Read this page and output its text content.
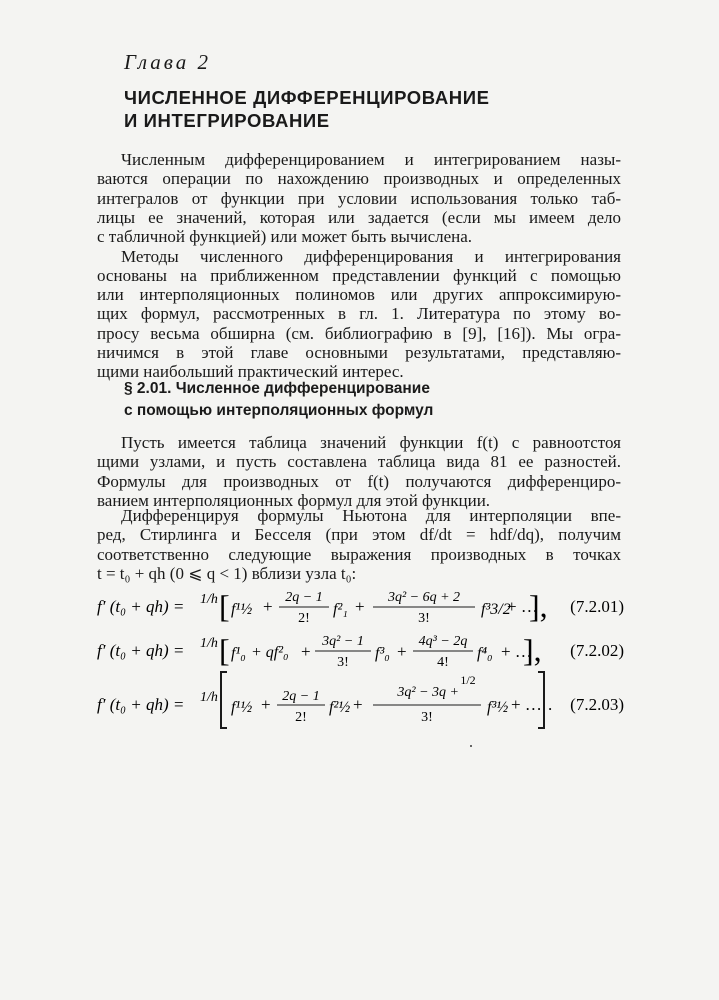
Глава 2
ЧИСЛЕННОЕ ДИФФЕРЕНЦИРОВАНИЕ
И ИНТЕГРИРОВАНИЕ
Численным дифференцированием и интегрированием назы-
ваются операции по нахождению производных и определенных
интегралов от функции при условии использования только таб-
лицы ее значений, которая или задается (если мы имеем дело
с табличной функцией) или может быть вычислена.
Методы численного дифференцирования и интегрирования
основаны на приближенном представлении функций с помощью
или интерполяционных полиномов или других аппроксимирую-
щих формул, рассмотренных в гл. 1. Литература по этому во-
просу весьма обширна (см. библиографию в [9], [16]). Мы огра-
ничимся в этой главе основными результатами, представляю-
щими наибольший практический интерес.
§ 2.01. Численное дифференцирование
с помощью интерполяционных формул
Пусть имеется таблица значений функции f(t) с равноотстоя
щими узлами, и пусть составлена таблица вида 81 ее разностей.
Формулы для производных от f(t) получаются дифференциро-
ванием интерполяционных формул для этой функции.
Дифференцируя формулы Ньютона для интерполяции впе-
ред, Стирлинга и Бесселя (при этом df/dt = hdf/dq), получим
соответственно следующие выражения производных в точках
t = t₀ + qh (0 ⩽ q < 1) вблизи узла t₀:
f′ (t₀ + qh) = 1/h [ f¹½ + 2q − 1
2!
f²₁ + 3q² − 6q + 2
3!
f³3/2
+ …
], (7.2.01)
f′ (t₀ + qh) = 1/h [ f¹₀ + qf²₀ +
3q² − 1
3!
f³₀ +
4q³ − 2q
4!
f⁴₀ + …
], (7.2.02)
f′ (t₀ + qh) = 1/h
f¹½ + 2q − 1
2!
f²½ +
3q² − 3q +
1/2
3!
f³½ + … . (7.2.03)
